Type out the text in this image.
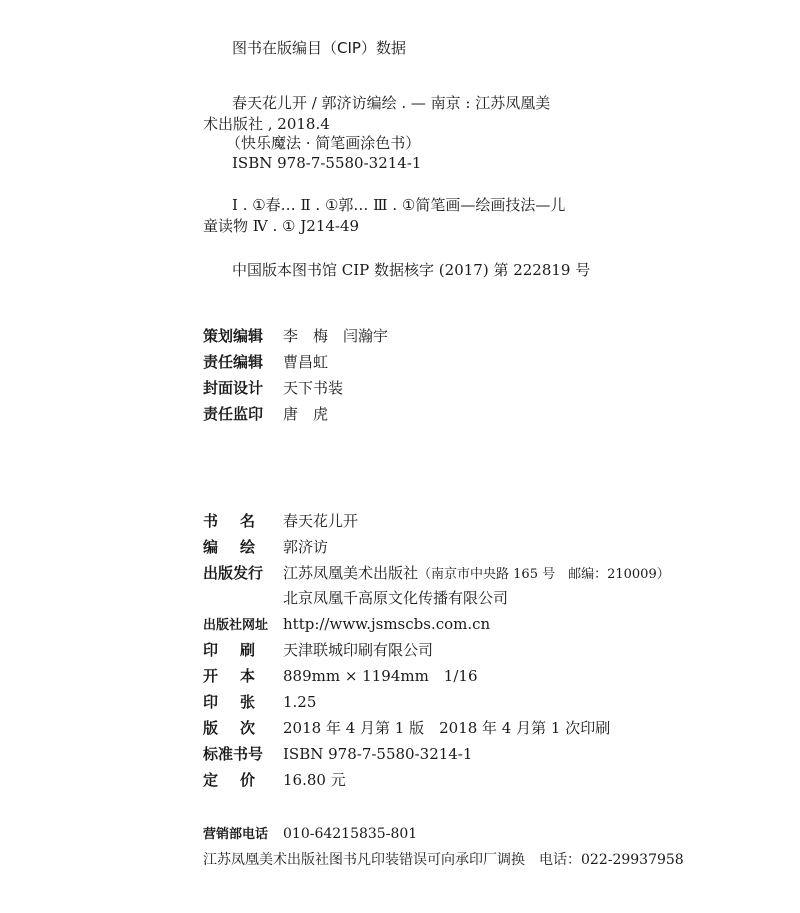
图书在版编目（CIP）数据
春天花儿开 / 郭济访编绘 . — 南京 : 江苏凤凰美
术出版社 , 2018.4
（快乐魔法 · 简笔画涂色书）
ISBN 978-7-5580-3214-1
Ⅰ . ①春… Ⅱ . ①郭… Ⅲ . ①简笔画—绘画技法—儿
童读物 Ⅳ . ① J214-49
中国版本图书馆 CIP 数据核字 (2017) 第 222819 号
策划编辑 李　梅　闫瀚宇
责任编辑 曹昌虹
封面设计 天下书装
责任监印 唐　虎
书名 春天花儿开
编绘 郭济访
出版发行 江苏凤凰美术出版社（南京市中央路 165 号　邮编：210009）
北京凤凰千高原文化传播有限公司
出版社网址 http://www.jsmscbs.com.cn
印刷 天津联城印刷有限公司
开本 889mm × 1194mm　1/16
印张 1.25
版次 2018 年 4 月第 1 版　2018 年 4 月第 1 次印刷
标准书号 ISBN 978-7-5580-3214-1
定价 16.80 元
营销部电话 010-64215835-801
江苏凤凰美术出版社图书凡印装错误可向承印厂调换　电话：022-29937958
